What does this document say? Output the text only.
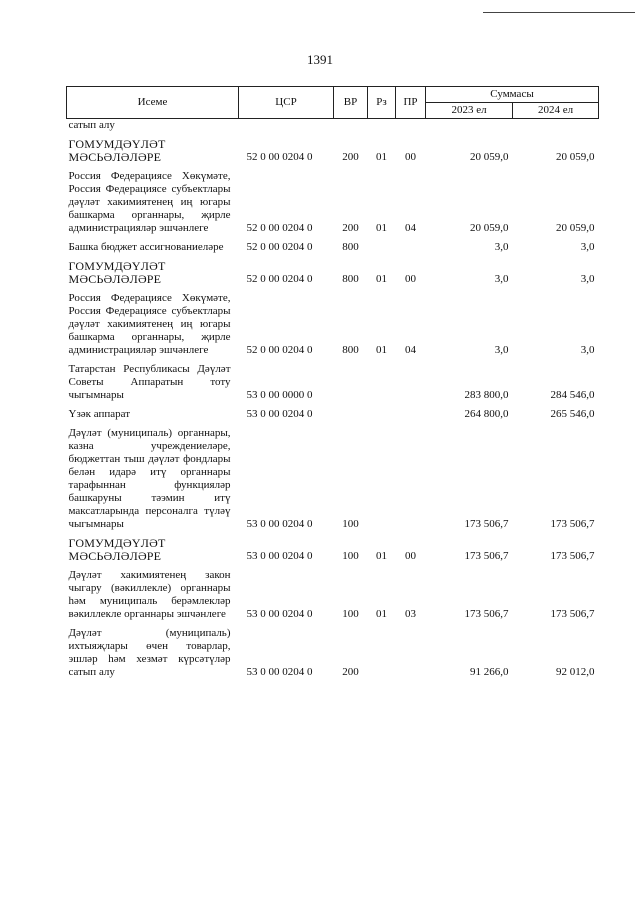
1391
Исеме	ЦСР	ВР	Рз	ПР	Суммасы	
					2023 ел	2024 ел
сатып алу						
ГОМУМДӘҮЛӘТ МӘСЬӘЛӘЛӘРЕ	52 0 00 0204 0	200	01	00	20 059,0	20 059,0
Россия Федерациясе Хөкүмәте, Россия Федерациясе субъектлары дәүләт хакимиятенең иң югары башкарма органнары, җирле администрацияләр эшчәнлеге	52 0 00 0204 0	200	01	04	20 059,0	20 059,0
Башка бюджет ассигнованиеләре	52 0 00 0204 0	800			3,0	3,0
ГОМУМДӘҮЛӘТ МӘСЬӘЛӘЛӘРЕ	52 0 00 0204 0	800	01	00	3,0	3,0
Россия Федерациясе Хөкүмәте, Россия Федерациясе субъектлары дәүләт хакимиятенең иң югары башкарма органнары, җирле администрацияләр эшчәнлеге	52 0 00 0204 0	800	01	04	3,0	3,0
Татарстан Республикасы Дәүләт Советы Аппаратын тоту чыгымнары	53 0 00 0000 0				283 800,0	284 546,0
Үзәк аппарат	53 0 00 0204 0				264 800,0	265 546,0
Дәүләт (муниципаль) органнары, казна учреждениеләре, бюджеттан тыш дәүләт фондлары белән идарә итү органнары тарафыннан функцияләр башкаруны тәэмин итү максатларында персоналга түләү чыгымнары	53 0 00 0204 0	100			173 506,7	173 506,7
ГОМУМДӘҮЛӘТ МӘСЬӘЛӘЛӘРЕ	53 0 00 0204 0	100	01	00	173 506,7	173 506,7
Дәүләт хакимиятенең закон чыгару (вәкиллекле) органнары һәм муниципаль берәмлекләр вәкиллекле органнары эшчәнлеге	53 0 00 0204 0	100	01	03	173 506,7	173 506,7
Дәүләт (муниципаль) ихтыяҗлары өчен товарлар, эшләр һәм хезмәт күрсәтүләр сатып алу	53 0 00 0204 0	200			91 266,0	92 012,0
